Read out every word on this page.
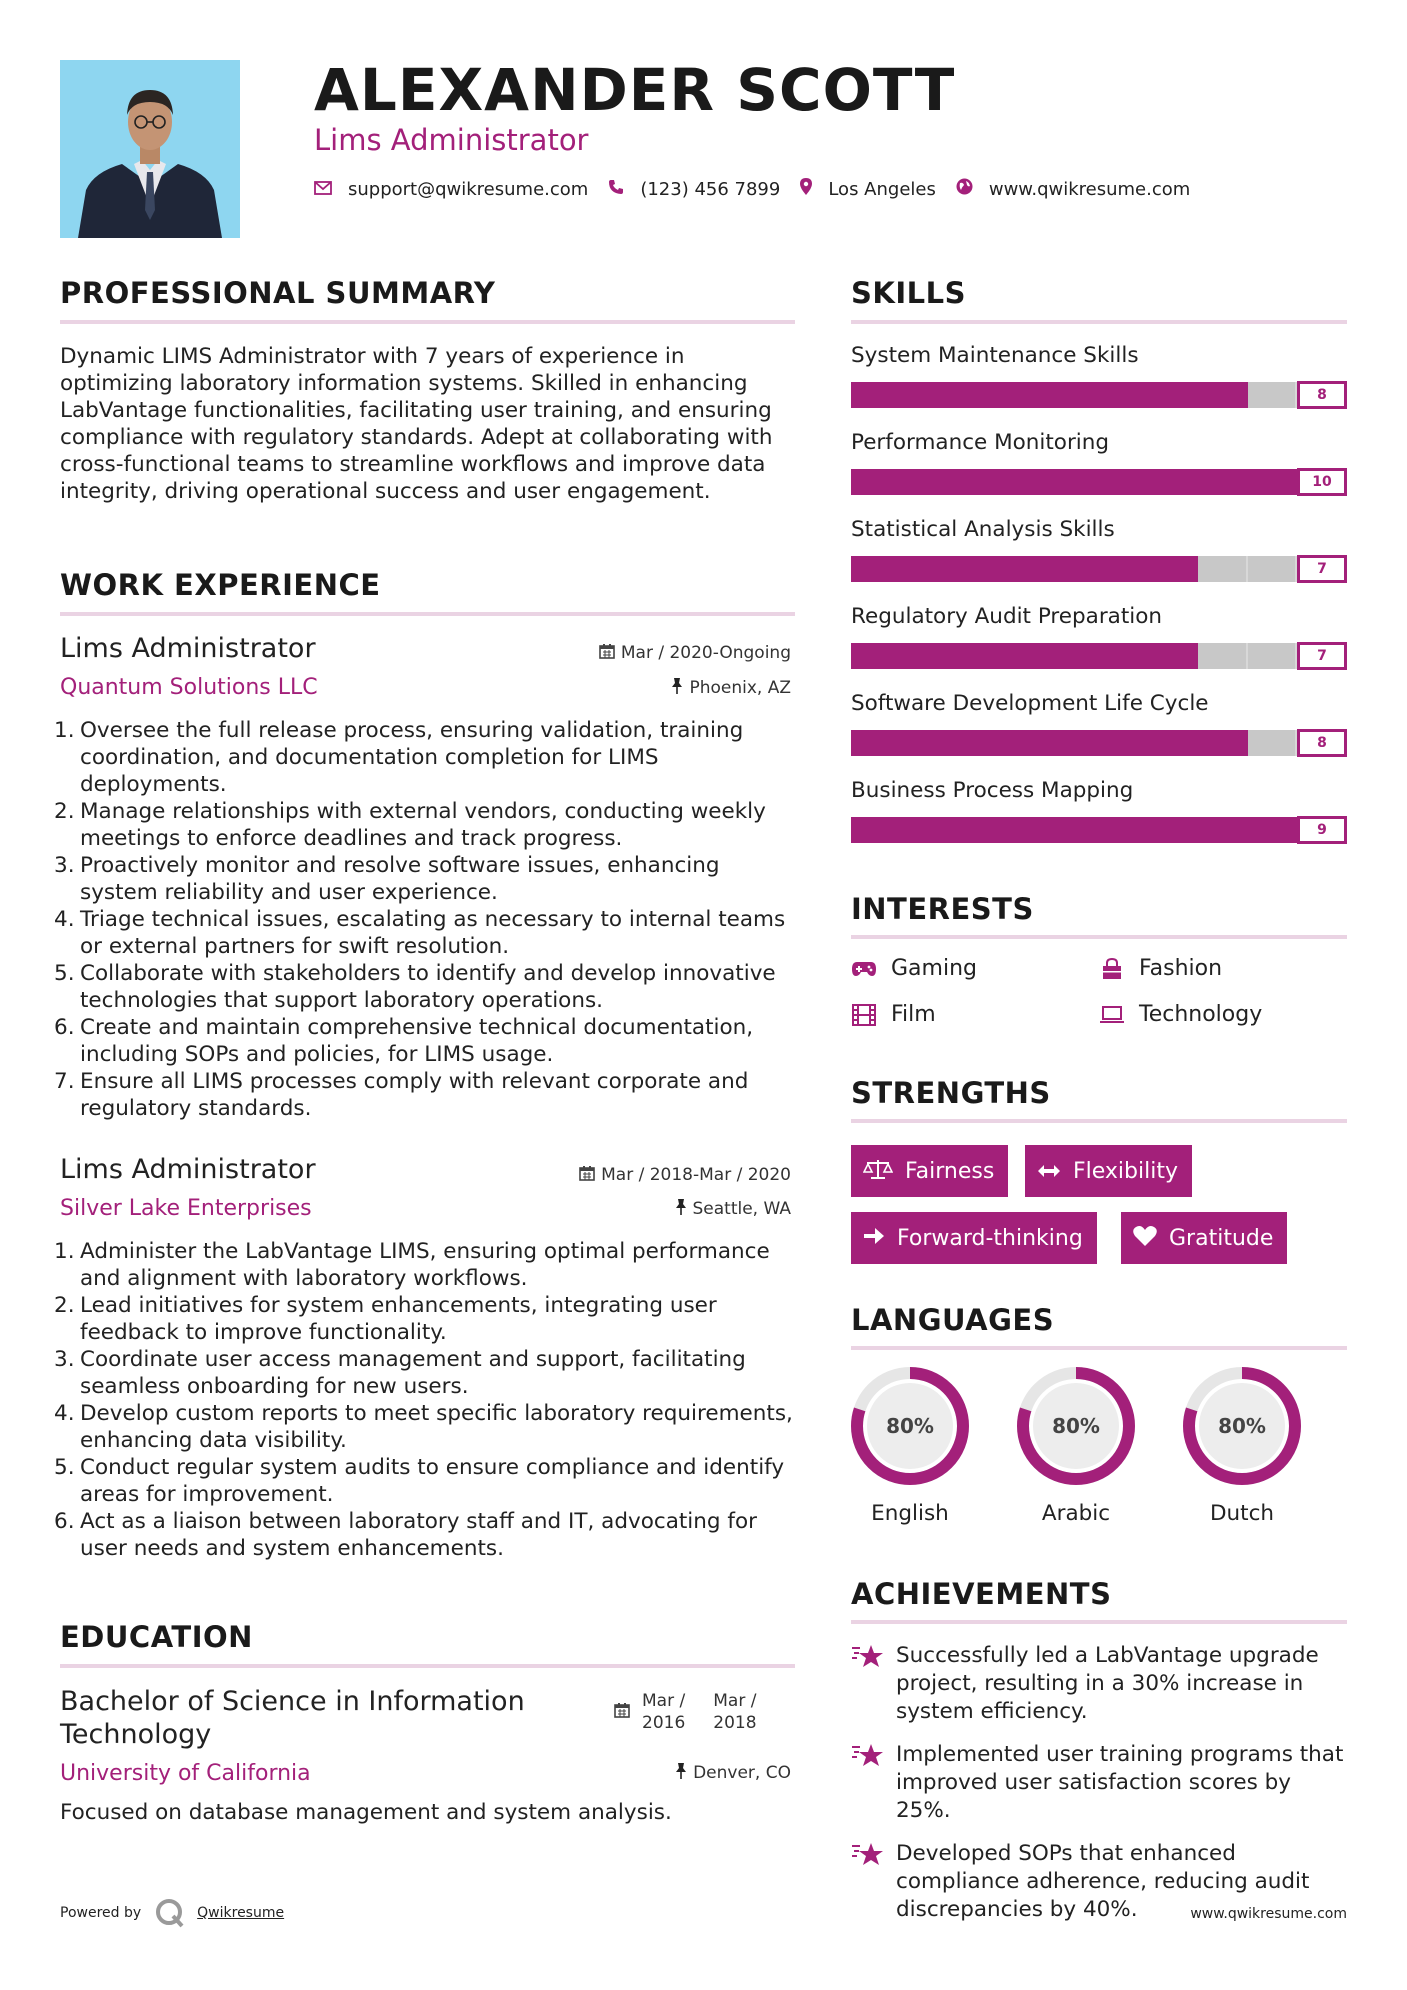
ALEXANDER SCOTT
Lims Administrator
support@qwikresume.com	(123) 456 7899	Los Angeles	www.qwikresume.com
PROFESSIONAL SUMMARY
Dynamic LIMS Administrator with 7 years of experience in optimizing laboratory information systems. Skilled in enhancing LabVantage functionalities, facilitating user training, and ensuring compliance with regulatory standards. Adept at collaborating with cross-functional teams to streamline workflows and improve data integrity, driving operational success and user engagement.
WORK EXPERIENCE
Lims Administrator	Mar / 2020-Ongoing
Quantum Solutions LLC	Phoenix, AZ
Oversee the full release process, ensuring validation, training coordination, and documentation completion for LIMS deployments.
Manage relationships with external vendors, conducting weekly meetings to enforce deadlines and track progress.
Proactively monitor and resolve software issues, enhancing system reliability and user experience.
Triage technical issues, escalating as necessary to internal teams or external partners for swift resolution.
Collaborate with stakeholders to identify and develop innovative technologies that support laboratory operations.
Create and maintain comprehensive technical documentation, including SOPs and policies, for LIMS usage.
Ensure all LIMS processes comply with relevant corporate and regulatory standards.
Lims Administrator	Mar / 2018-Mar / 2020
Silver Lake Enterprises	Seattle, WA
Administer the LabVantage LIMS, ensuring optimal performance and alignment with laboratory workflows.
Lead initiatives for system enhancements, integrating user feedback to improve functionality.
Coordinate user access management and support, facilitating seamless onboarding for new users.
Develop custom reports to meet specific laboratory requirements, enhancing data visibility.
Conduct regular system audits to ensure compliance and identify areas for improvement.
Act as a liaison between laboratory staff and IT, advocating for user needs and system enhancements.
EDUCATION
Bachelor of Science in Information
Technology
Mar /
2016
Mar /
2018
University of California	Denver, CO
Focused on database management and system analysis.
SKILLS
System Maintenance Skills
8
Performance Monitoring
10
Statistical Analysis Skills
7
Regulatory Audit Preparation
7
Software Development Life Cycle
8
Business Process Mapping
9
INTERESTS
Gaming	Fashion
Film	Technology
STRENGTHS
Fairness	Flexibility
Forward-thinking	Gratitude
LANGUAGES
80%
English
80%
Arabic
80%
Dutch
ACHIEVEMENTS
Successfully led a LabVantage upgrade project, resulting in a 30% increase in system efficiency.
Implemented user training programs that improved user satisfaction scores by 25%.
Developed SOPs that enhanced compliance adherence, reducing audit discrepancies by 40%.
Powered by	Qwikresume	www.qwikresume.com
